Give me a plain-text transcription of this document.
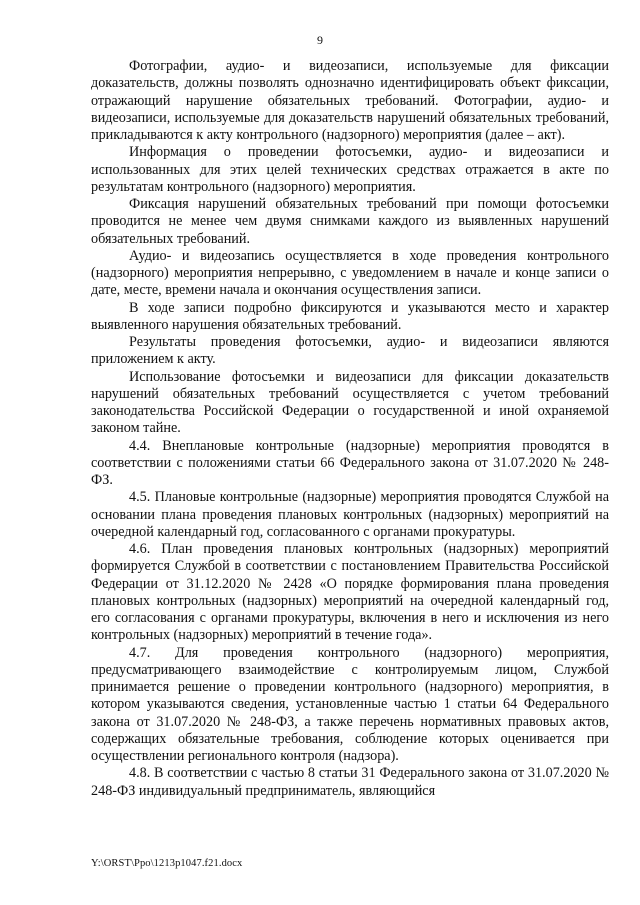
9

Фотографии, аудио- и видеозаписи, используемые для фиксации доказательств, должны позволять однозначно идентифицировать объект фиксации, отражающий нарушение обязательных требований. Фотографии, аудио- и видеозаписи, используемые для доказательств нарушений обязательных требований, прикладываются к акту контрольного (надзорного) мероприятия (далее – акт).

Информация о проведении фотосъемки, аудио- и видеозаписи и использованных для этих целей технических средствах отражается в акте по результатам контрольного (надзорного) мероприятия.

Фиксация нарушений обязательных требований при помощи фотосъемки проводится не менее чем двумя снимками каждого из выявленных нарушений обязательных требований.

Аудио- и видеозапись осуществляется в ходе проведения контрольного (надзорного) мероприятия непрерывно, с уведомлением в начале и конце записи о дате, месте, времени начала и окончания осуществления записи.

В ходе записи подробно фиксируются и указываются место и характер выявленного нарушения обязательных требований.

Результаты проведения фотосъемки, аудио- и видеозаписи являются приложением к акту.

Использование фотосъемки и видеозаписи для фиксации доказательств нарушений обязательных требований осуществляется с учетом требований законодательства Российской Федерации о государственной и иной охраняемой законом тайне.

4.4. Внеплановые контрольные (надзорные) мероприятия проводятся в соответствии с положениями статьи 66 Федерального закона от 31.07.2020 № 248-ФЗ.

4.5. Плановые контрольные (надзорные) мероприятия проводятся Службой на основании плана проведения плановых контрольных (надзорных) мероприятий на очередной календарный год, согласованного с органами прокуратуры.

4.6. План проведения плановых контрольных (надзорных) мероприятий формируется Службой в соответствии с постановлением Правительства Российской Федерации от 31.12.2020 № 2428 «О порядке формирования плана проведения плановых контрольных (надзорных) мероприятий на очередной календарный год, его согласования с органами прокуратуры, включения в него и исключения из него контрольных (надзорных) мероприятий в течение года».

4.7. Для проведения контрольного (надзорного) мероприятия, предусматривающего взаимодействие с контролируемым лицом, Службой принимается решение о проведении контрольного (надзорного) мероприятия, в котором указываются сведения, установленные частью 1 статьи 64 Федерального закона от 31.07.2020 № 248-ФЗ, а также перечень нормативных правовых актов, содержащих обязательные требования, соблюдение которых оценивается при осуществлении регионального контроля (надзора).

4.8. В соответствии с частью 8 статьи 31 Федерального закона от 31.07.2020 № 248-ФЗ индивидуальный предприниматель, являющийся

Y:\ORST\Ppo\1213p1047.f21.docx
